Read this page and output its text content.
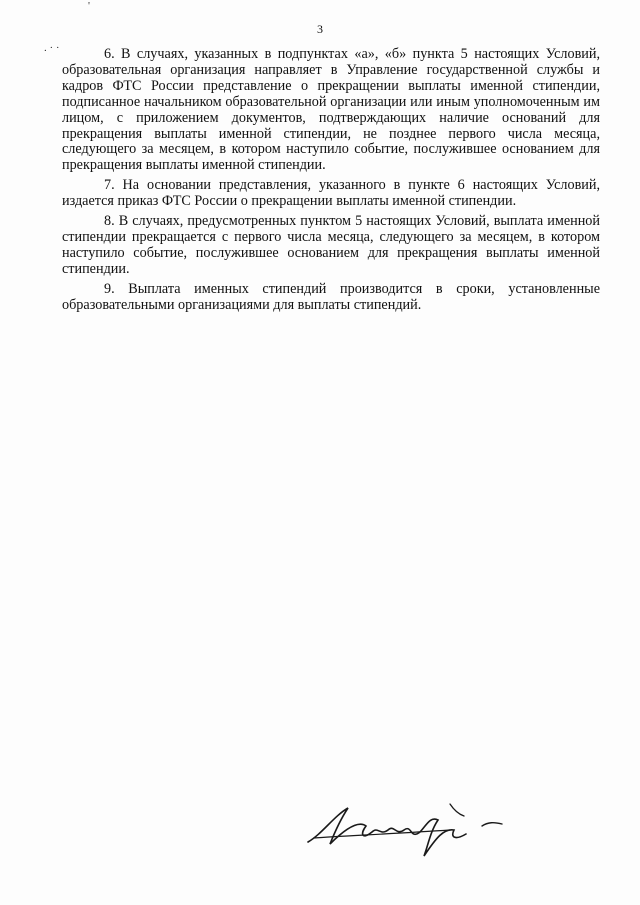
'
. · ·
3

6. В случаях, указанных в подпунктах «а», «б» пункта 5 настоящих Условий, образовательная организация направляет в Управление государственной службы и кадров ФТС России представление о прекращении выплаты именной стипендии, подписанное начальником образовательной организации или иным уполномоченным им лицом, с приложением документов, подтверждающих наличие оснований для прекращения выплаты именной стипендии, не позднее первого числа месяца, следующего за месяцем, в котором наступило событие, послужившее основанием для прекращения выплаты именной стипендии.

7. На основании представления, указанного в пункте 6 настоящих Условий, издается приказ ФТС России о прекращении выплаты именной стипендии.

8. В случаях, предусмотренных пунктом 5 настоящих Условий, выплата именной стипендии прекращается с первого числа месяца, следующего за месяцем, в котором наступило событие, послужившее основанием для прекращения выплаты именной стипендии.

9. Выплата именных стипендий производится в сроки, установленные образовательными организациями для выплаты стипендий.
